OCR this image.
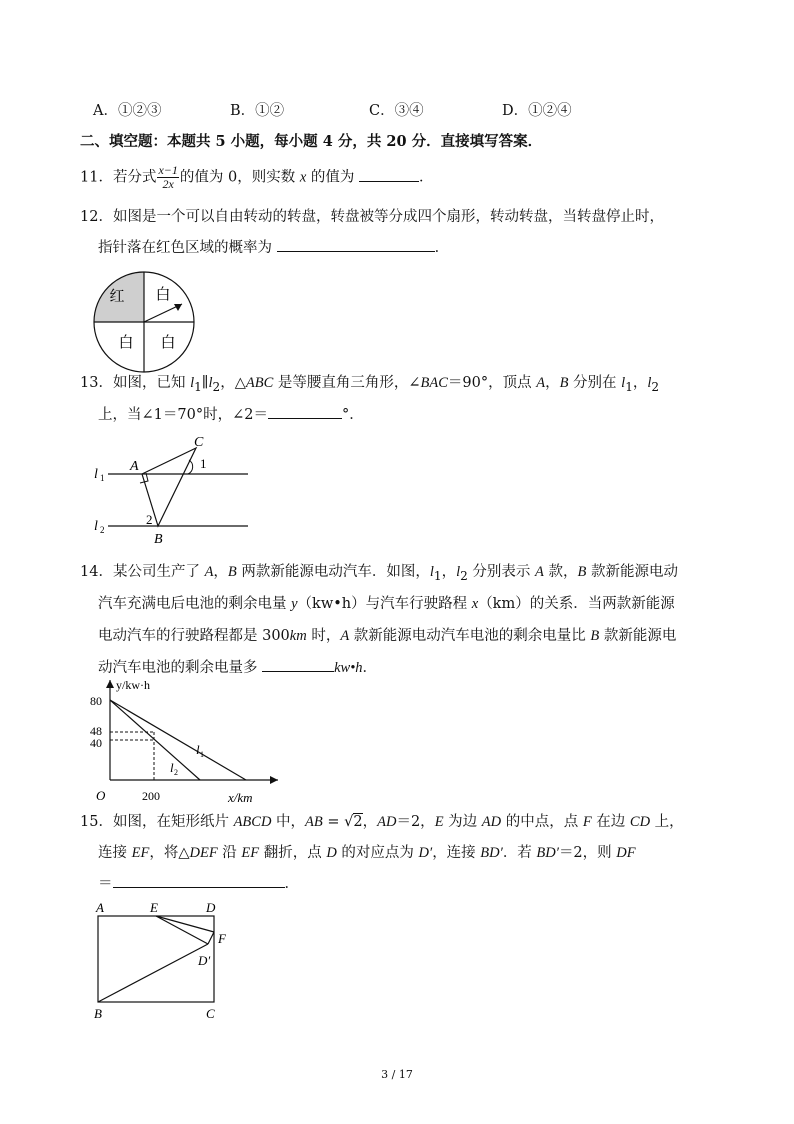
A．①②③	B．①②	C．③④	D．①②④
二、填空题：本题共 5 小题，每小题 4 分，共 20 分．直接填写答案．
11．若分式 $\frac{x-1}{2x}$ 的值为 0，则实数 x 的值为	．
12．如图是一个可以自由转动的转盘，转盘被等分成四个扇形，转动转盘，当转盘停止时，
指针落在红色区域的概率为	．
红 白
白 白
13．如图，已知 $l_1\parallel l_2$，△ABC 是等腰直角三角形，∠BAC＝90°，顶点 A，B 分别在 $l_1$，$l_2$
上，当∠1＝70°时，∠2＝	°．
l 1
l 2
A
C
1
2
B
14．某公司生产了 A，B 两款新能源电动汽车．如图，$l_1$，$l_2$ 分别表示 A 款，B 款新能源电动
汽车充满电后电池的剩余电量 y（kw•h）与汽车行驶路程 x（km）的关系．当两款新能源
电动汽车的行驶路程都是 300km 时，A 款新能源电动汽车电池的剩余电量比 B 款新能源电
动汽车电池的剩余电量多	kw•h．
y/kw·h
80
48
40
O	200	x/km
l 1
l 2
15．如图，在矩形纸片 ABCD 中，AB = √2，AD＝2，E 为边 AD 的中点，点 F 在边 CD 上，
连接 EF，将△DEF 沿 EF 翻折，点 D 的对应点为 D′，连接 BD′．若 BD′＝2，则 DF
＝	．
A	E	D
F
D′
B	C
3 / 17
